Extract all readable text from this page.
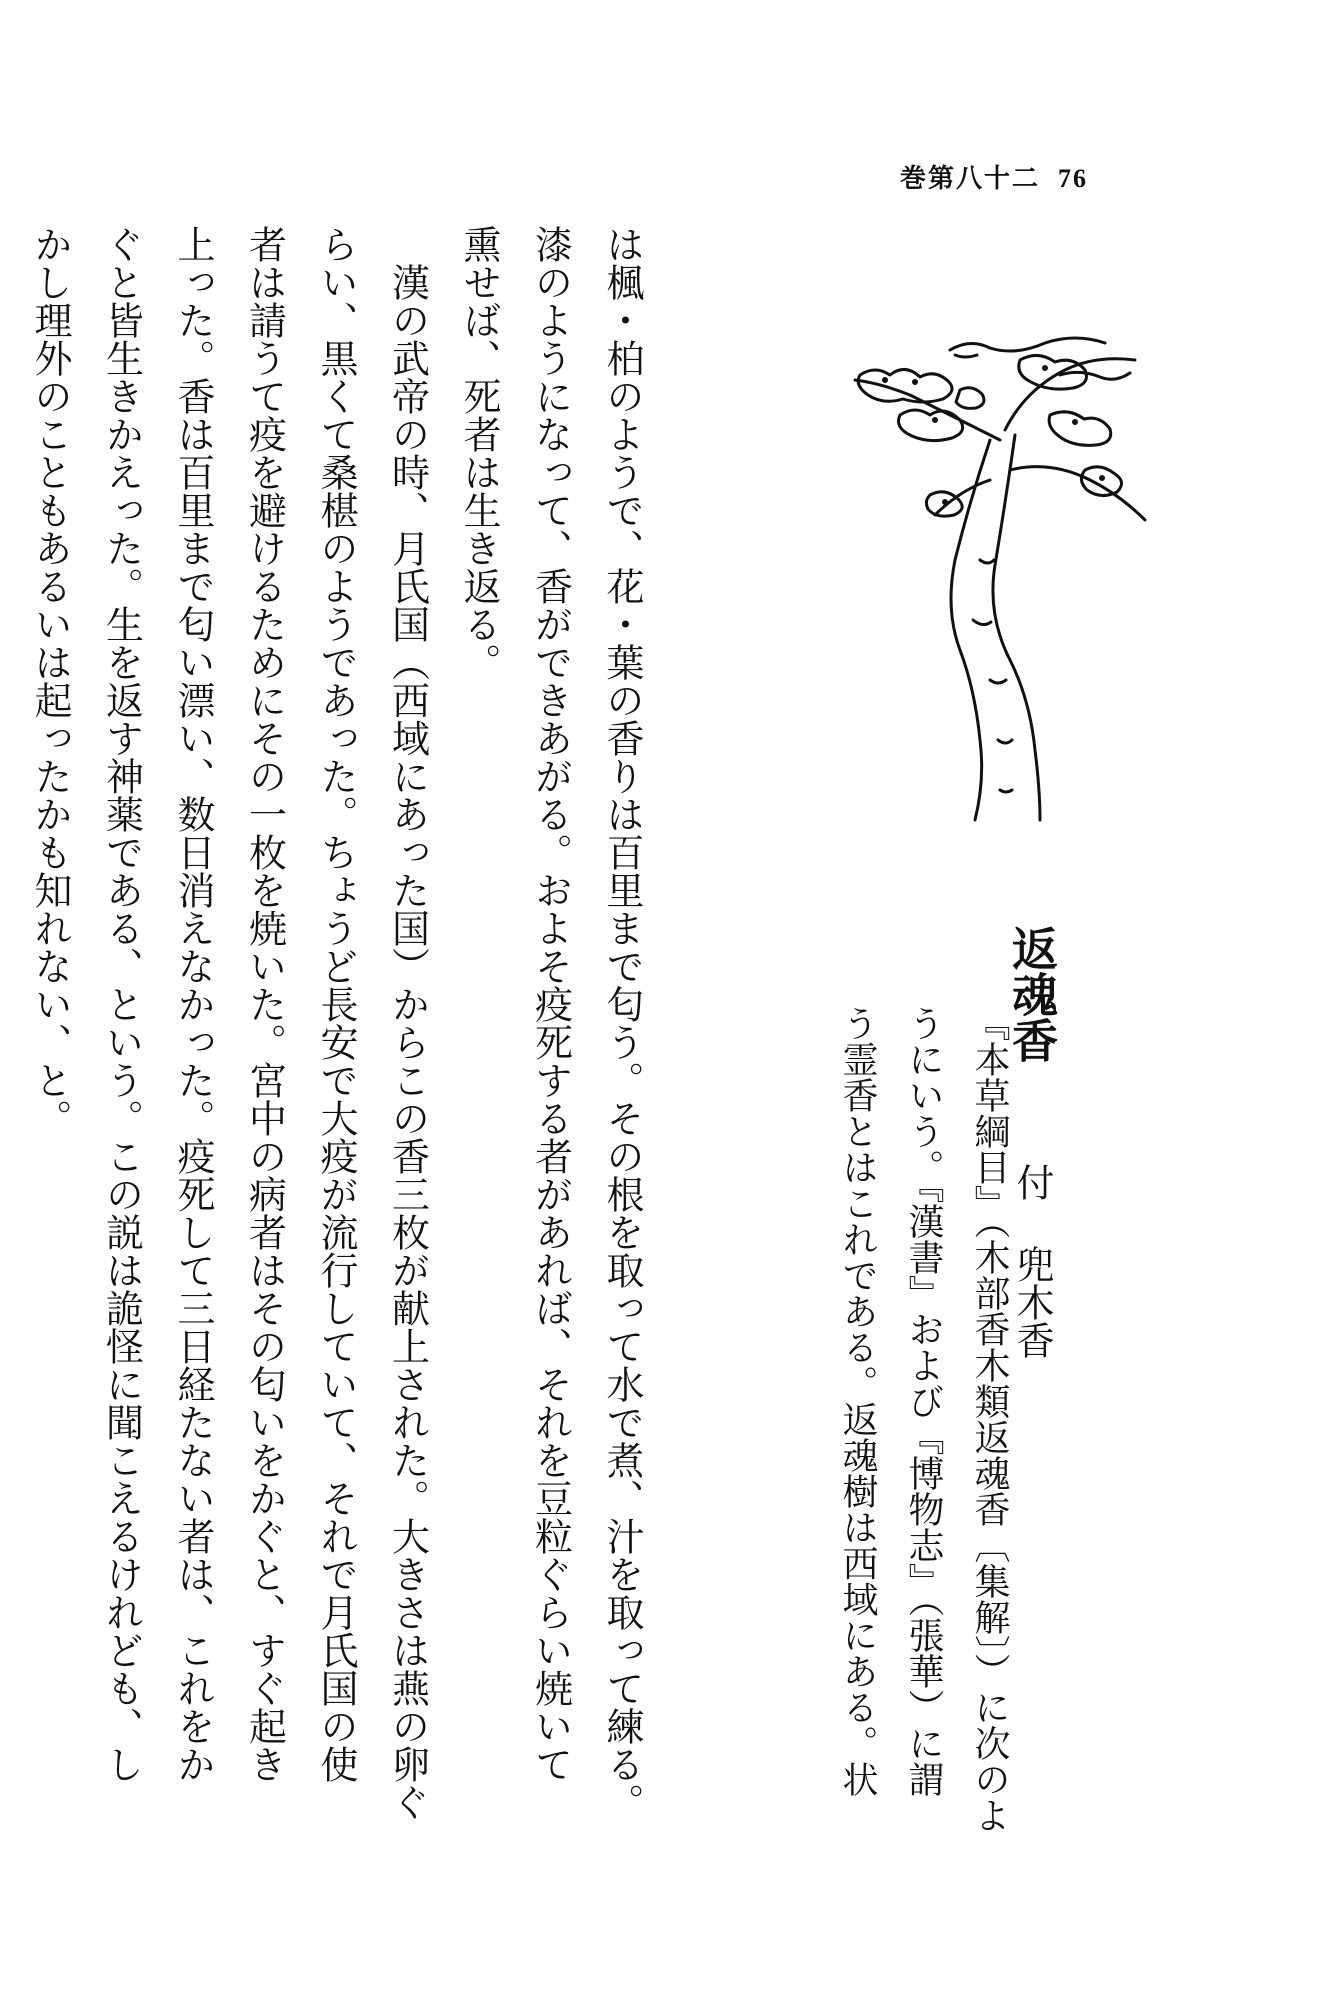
巻第八十二 76
返魂香付 兜木香
『本草綱目』（木部香木類返魂香〔集解〕）に次のよ
うにいう。『漢書』および『博物志』（張華）に謂
う霊香とはこれである。返魂樹は西域にある。状
は楓・柏のようで、花・葉の香りは百里まで匂う。その根を取って水で煮、汁を取って練る。
漆のようになって、香ができあがる。およそ疫死する者があれば、それを豆粒ぐらい焼いて
熏せば、死者は生き返る。
漢の武帝の時、月氏国（西域にあった国）からこの香三枚が献上された。大きさは燕の卵ぐ
らい、黒くて桑椹のようであった。ちょうど長安で大疫が流行していて、それで月氏国の使
者は請うて疫を避けるためにその一枚を焼いた。宮中の病者はその匂いをかぐと、すぐ起き
上った。香は百里まで匂い漂い、数日消えなかった。疫死して三日経たない者は、これをか
ぐと皆生きかえった。生を返す神薬である、という。この説は詭怪に聞こえるけれども、し
かし理外のこともあるいは起ったかも知れない、と。
